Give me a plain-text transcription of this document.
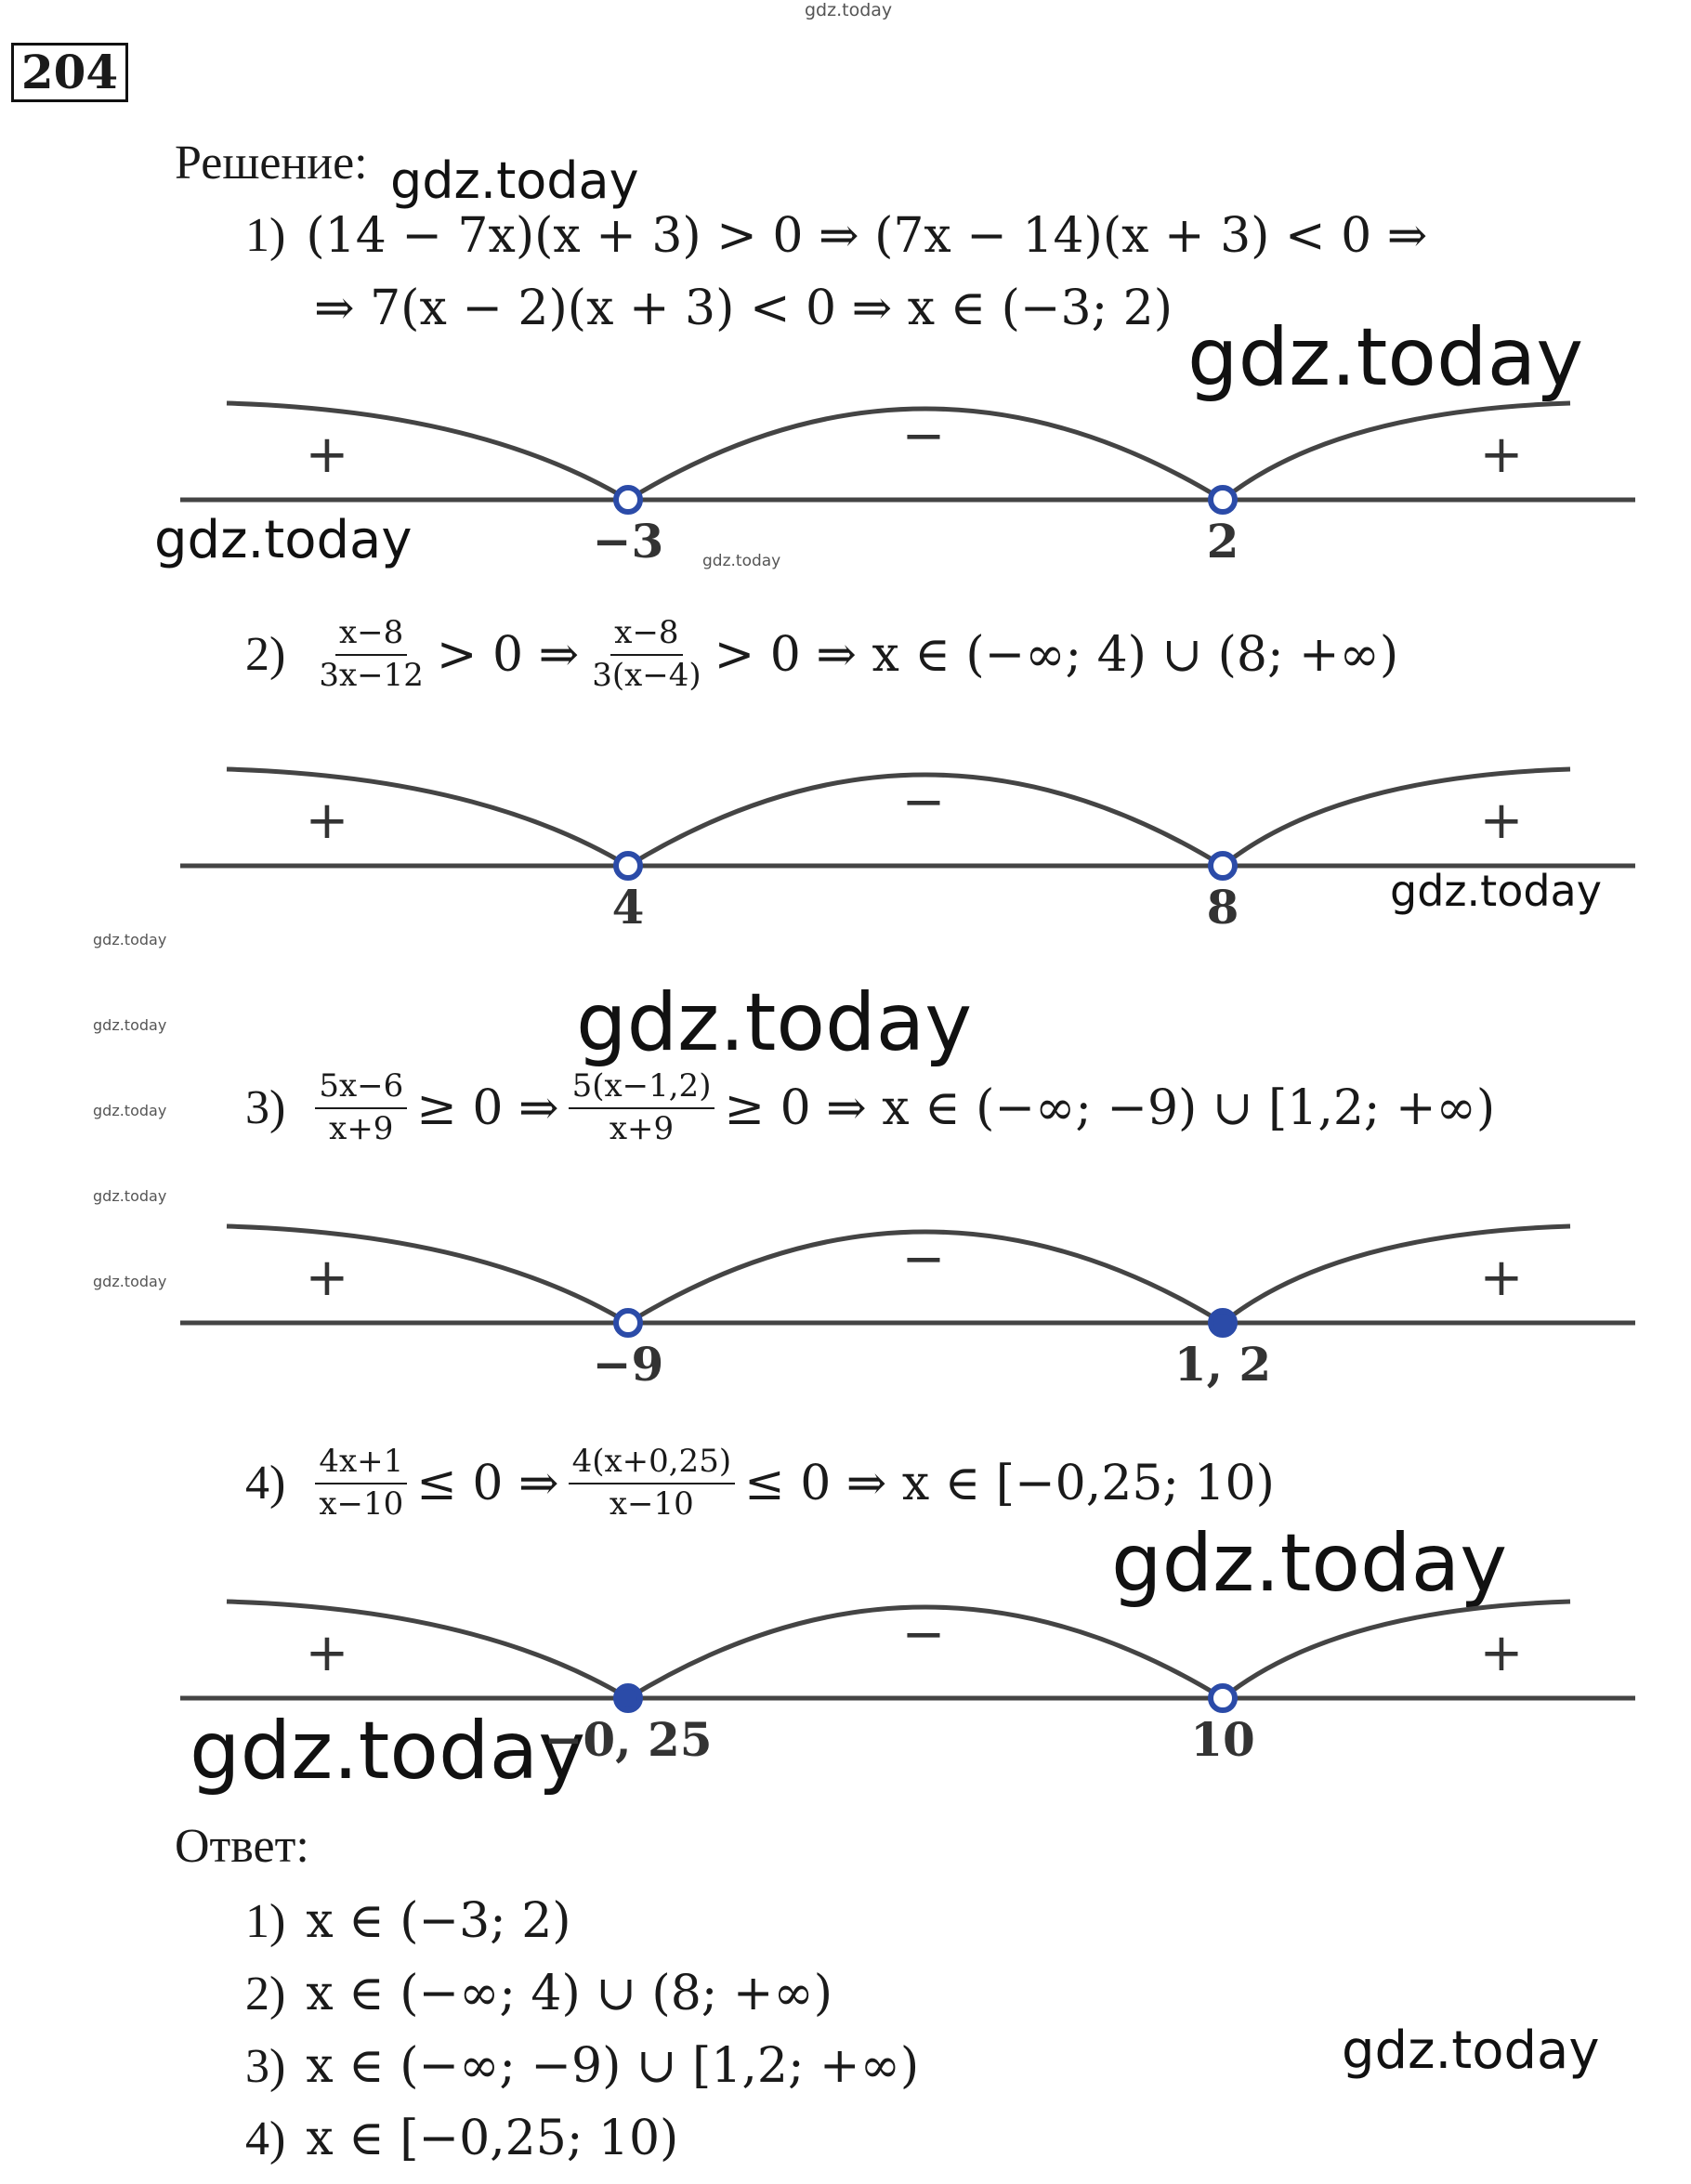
gdz.today
gdz.today
gdz.today
gdz.today	gdz.today
gdz.today
gdz.today
gdz.today
gdz.today
gdz.today
gdz.today
gdz.today
gdz.today
gdz.today
gdz.today
204
Решение:
1) (14 − 7x)(x + 3) > 0 ⇒ (7x − 14)(x + 3) < 0 ⇒
⇒ 7(x − 2)(x + 3) < 0 ⇒ x ∈ (−3; 2)
+	−	+
−3	2
$2) \frac{x-8}{3x-12} > 0$ ⇒ $\frac{x-8}{3(x-4)} > 0$ ⇒ x ∈ (−∞; 4) ∪ (8; +∞)
+	−	+
4	8
$3) \frac{5x-6}{x+9} \ge 0$ ⇒ $\frac{5(x-1,2)}{x+9} \ge 0$ ⇒ x ∈ (−∞; −9) ∪ [1,2; +∞)
+	−	+
−9	1, 2
$4) \frac{4x+1}{x-10} \le 0$ ⇒ $\frac{4(x+0,25)}{x-10} \le 0$ ⇒ x ∈ [−0,25; 10)
+	−	+
−0, 25	10
Ответ:
1) x ∈ (−3; 2)
2) x ∈ (−∞; 4) ∪ (8; +∞)
3) x ∈ (−∞; −9) ∪ [1,2; +∞)
4) x ∈ [−0,25; 10)
